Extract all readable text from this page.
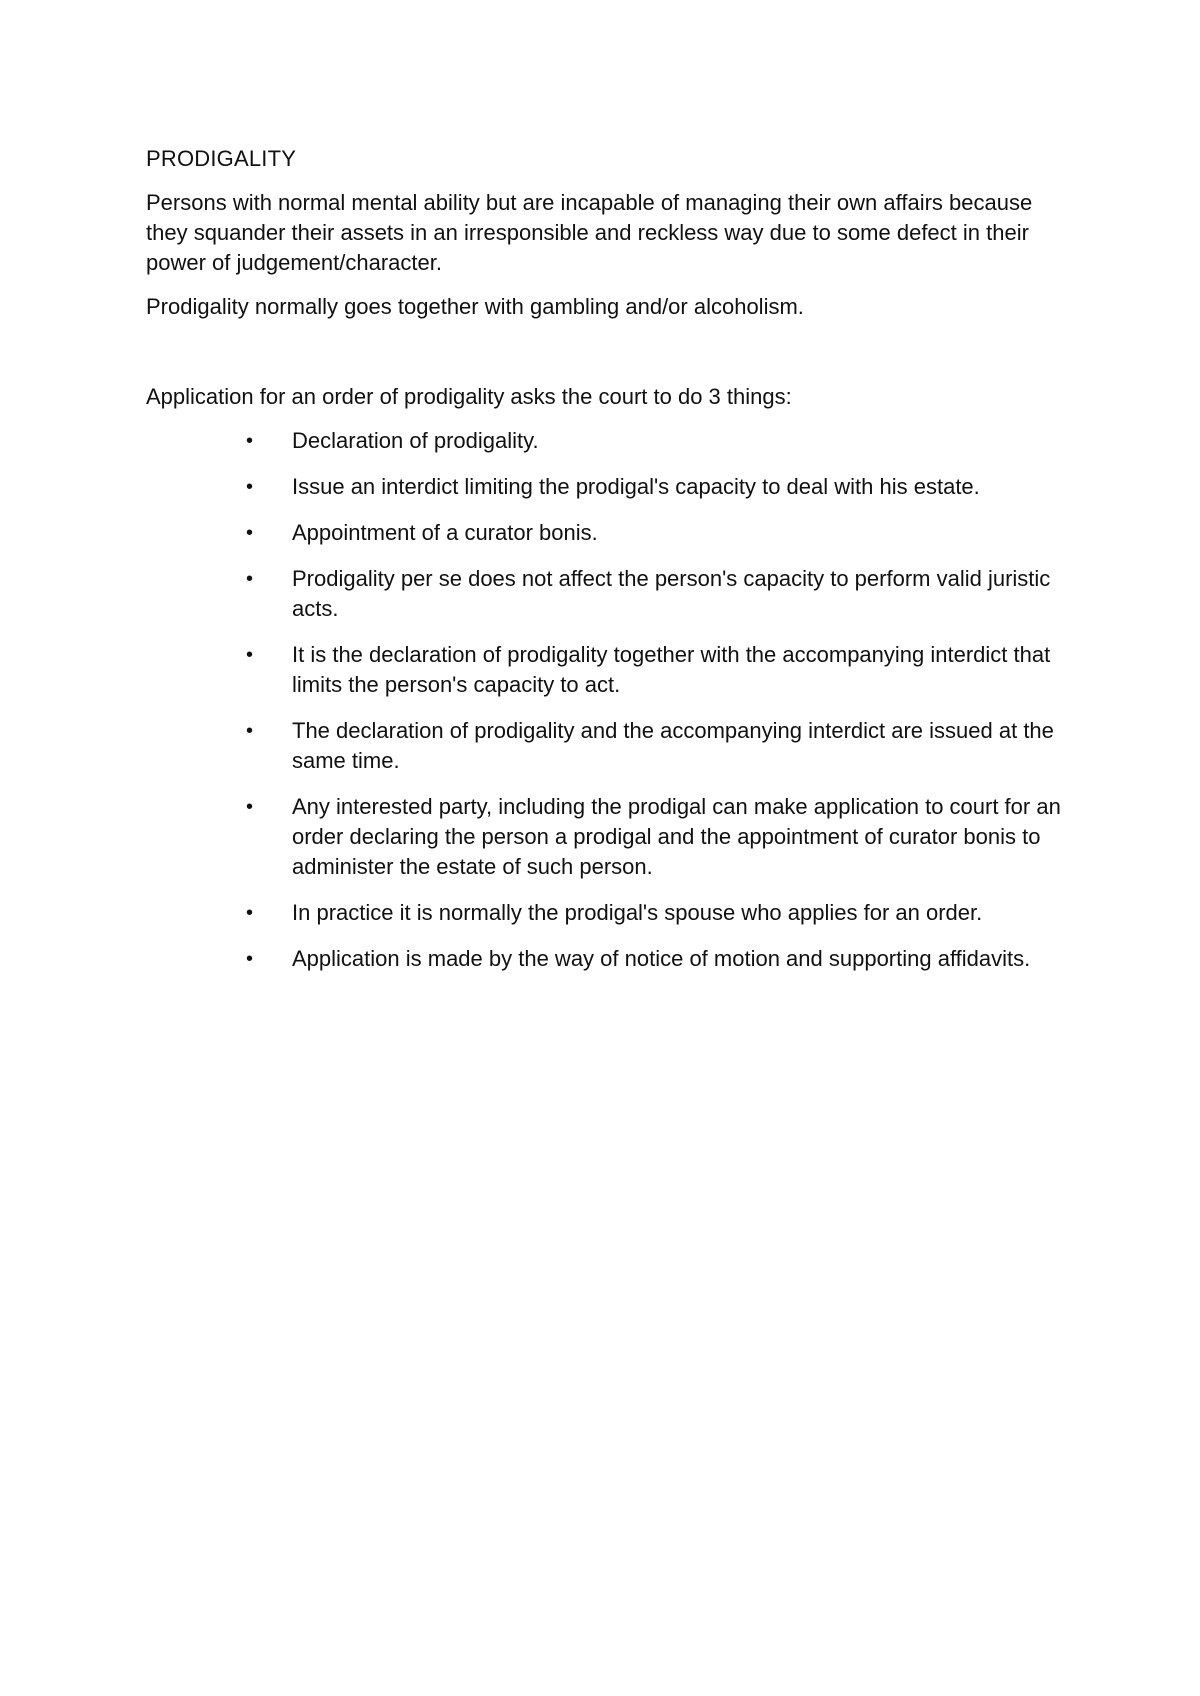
PRODIGALITY

Persons with normal mental ability but are incapable of managing their own affairs because they squander their assets in an irresponsible and reckless way due to some defect in their power of judgement/character.

Prodigality normally goes together with gambling and/or alcoholism.

Application for an order of prodigality asks the court to do 3 things:

•	Declaration of prodigality.
•	Issue an interdict limiting the prodigal's capacity to deal with his estate.
•	Appointment of a curator bonis.
•	Prodigality per se does not affect the person's capacity to perform valid juristic acts.
•	It is the declaration of prodigality together with the accompanying interdict that limits the person's capacity to act.
•	The declaration of prodigality and the accompanying interdict are issued at the same time.
•	Any interested party, including the prodigal can make application to court for an order declaring the person a prodigal and the appointment of curator bonis to administer the estate of such person.
•	In practice it is normally the prodigal's spouse who applies for an order.
•	Application is made by the way of notice of motion and supporting affidavits.
